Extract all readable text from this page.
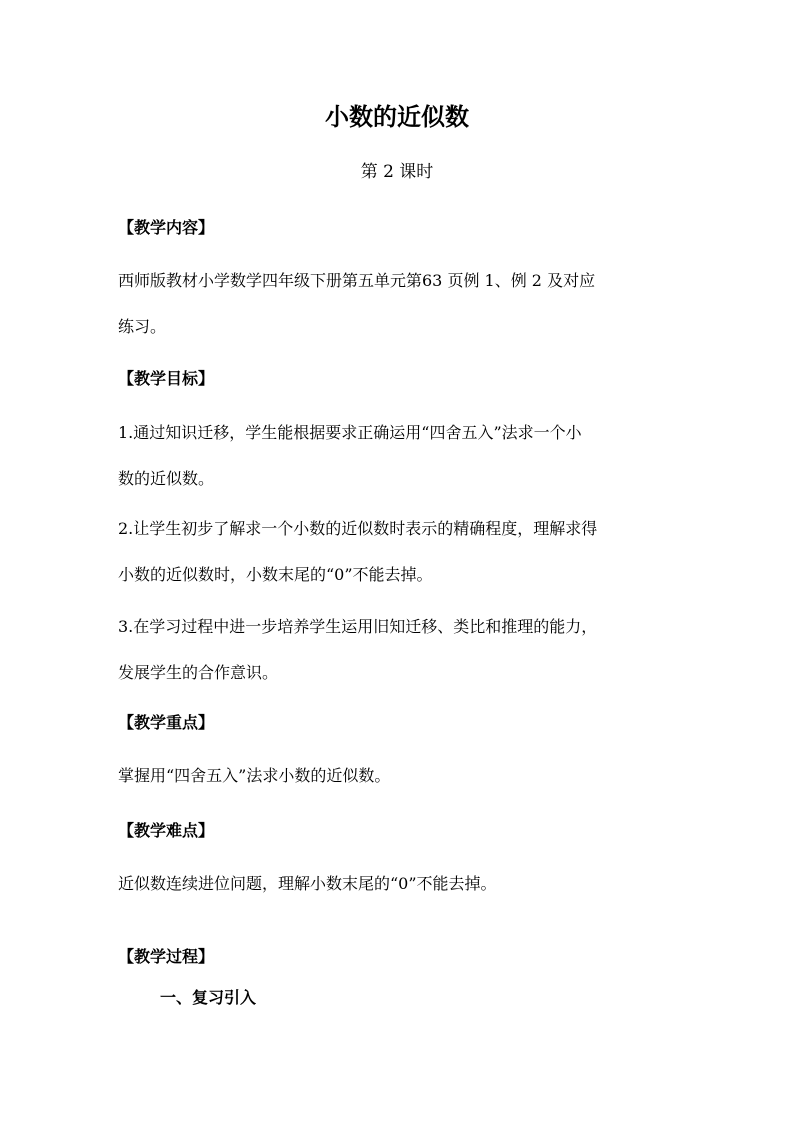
小数的近似数
第 2 课时
【教学内容】
西师版教材小学数学四年级下册第五单元第63 页例 1、例 2 及对应
练习。
【教学目标】
1.通过知识迁移，学生能根据要求正确运用“四舍五入”法求一个小
数的近似数。
2.让学生初步了解求一个小数的近似数时表示的精确程度，理解求得
小数的近似数时，小数末尾的“0”不能去掉。
3.在学习过程中进一步培养学生运用旧知迁移、类比和推理的能力，
发展学生的合作意识。
【教学重点】
掌握用“四舍五入”法求小数的近似数。
【教学难点】
近似数连续进位问题，理解小数末尾的“0”不能去掉。
【教学过程】
一、复习引入
